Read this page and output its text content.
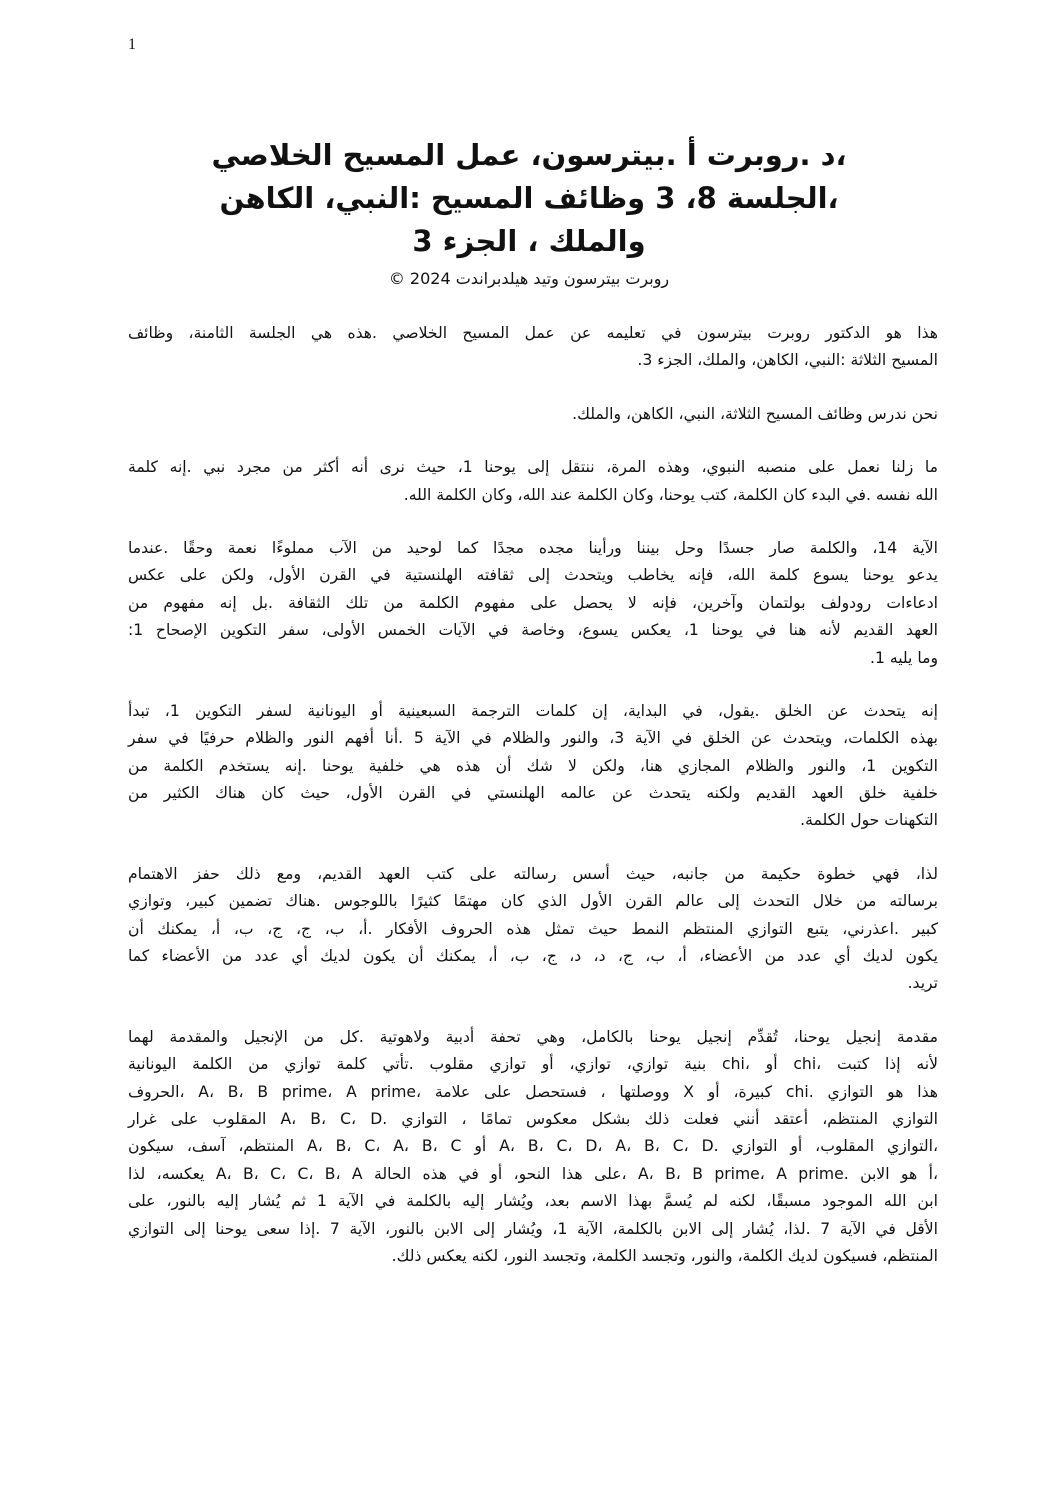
1
،د .روبرت أ .بيترسون، عمل المسيح الخلاصي
،الجلسة 8، 3 وظائف المسيح :النبي، الكاهن
والملك ، الجزء 3
روبرت بيترسون وتيد هيلدبراندت 2024 ©
هذا هو الدكتور روبرت بيترسون في تعليمه عن عمل المسيح الخلاصي .هذه هي الجلسة الثامنة، وظائف
المسيح الثلاثة :النبي، الكاهن، والملك، الجزء 3.
نحن ندرس وظائف المسيح الثلاثة، النبي، الكاهن، والملك.
ما زلنا نعمل على منصبه النبوي، وهذه المرة، ننتقل إلى يوحنا 1، حيث نرى أنه أكثر من مجرد نبي .إنه كلمة
الله نفسه .في البدء كان الكلمة، كتب يوحنا، وكان الكلمة عند الله، وكان الكلمة الله.
الآية 14، والكلمة صار جسدًا وحل بيننا ورأينا مجده مجدًا كما لوحيد من الآب مملوءًا نعمة وحقًا .عندما
يدعو يوحنا يسوع كلمة الله، فإنه يخاطب ويتحدث إلى ثقافته الهلنستية في القرن الأول، ولكن على عكس
ادعاءات رودولف بولتمان وآخرين، فإنه لا يحصل على مفهوم الكلمة من تلك الثقافة .بل إنه مفهوم من
العهد القديم لأنه هنا في يوحنا 1، يعكس يسوع، وخاصة في الآيات الخمس الأولى، سفر التكوين الإصحاح 1:
وما يليه 1.
إنه يتحدث عن الخلق .يقول، في البداية، إن كلمات الترجمة السبعينية أو اليونانية لسفر التكوين 1، تبدأ
بهذه الكلمات، ويتحدث عن الخلق في الآية 3، والنور والظلام في الآية 5 .أنا أفهم النور والظلام حرفيًا في سفر
التكوين 1، والنور والظلام المجازي هنا، ولكن لا شك أن هذه هي خلفية يوحنا .إنه يستخدم الكلمة من
خلفية خلق العهد القديم ولكنه يتحدث عن عالمه الهلنستي في القرن الأول، حيث كان هناك الكثير من
التكهنات حول الكلمة.
لذا، فهي خطوة حكيمة من جانبه، حيث أسس رسالته على كتب العهد القديم، ومع ذلك حفز الاهتمام
برسالته من خلال التحدث إلى عالم القرن الأول الذي كان مهتمًا كثيرًا باللوجوس .هناك تضمين كبير، وتوازي
كبير .اعذرني، يتبع التوازي المنتظم النمط حيث تمثل هذه الحروف الأفكار .أ، ب، ج، ج، ب، أ، يمكنك أن
يكون لديك أي عدد من الأعضاء، أ، ب، ج، د، د، ج، ب، أ، يمكنك أن يكون لديك أي عدد من الأعضاء كما
تريد.
مقدمة إنجيل يوحنا، تُقدِّم إنجيل يوحنا بالكامل، وهي تحفة أدبية ولاهوتية .كل من الإنجيل والمقدمة لهما
لأنه إذا كتبت ،chi أو ،chi بنية توازي، توازي، أو توازي مقلوب .تأتي كلمة توازي من الكلمة اليونانية
هذا هو التوازي .chi كبيرة، أو X ووصلتها ، فستحصل على علامة ،A، B، B prime، A prime ،الحروف
التوازي المنتظم، أعتقد أنني فعلت ذلك بشكل معكوس تمامًا ، التوازي .A، B، C، D المقلوب على غرار
،التوازي المقلوب، أو التوازي .A، B، C، D، A، B، C، D أو A، B، C، A، B، C المنتظم، آسف، سيكون
،أ هو الابن .A، B، B prime، A prime ،على هذا النحو، أو في هذه الحالة A، B، C، C، B، A يعكسه، لذا
ابن الله الموجود مسبقًا، لكنه لم يُسمَّ بهذا الاسم بعد، ويُشار إليه بالكلمة في الآية 1 ثم يُشار إليه بالنور، على
الأقل في الآية 7 .لذا، يُشار إلى الابن بالكلمة، الآية 1، ويُشار إلى الابن بالنور، الآية 7 .إذا سعى يوحنا إلى التوازي
المنتظم، فسيكون لديك الكلمة، والنور، وتجسد الكلمة، وتجسد النور، لكنه يعكس ذلك.
